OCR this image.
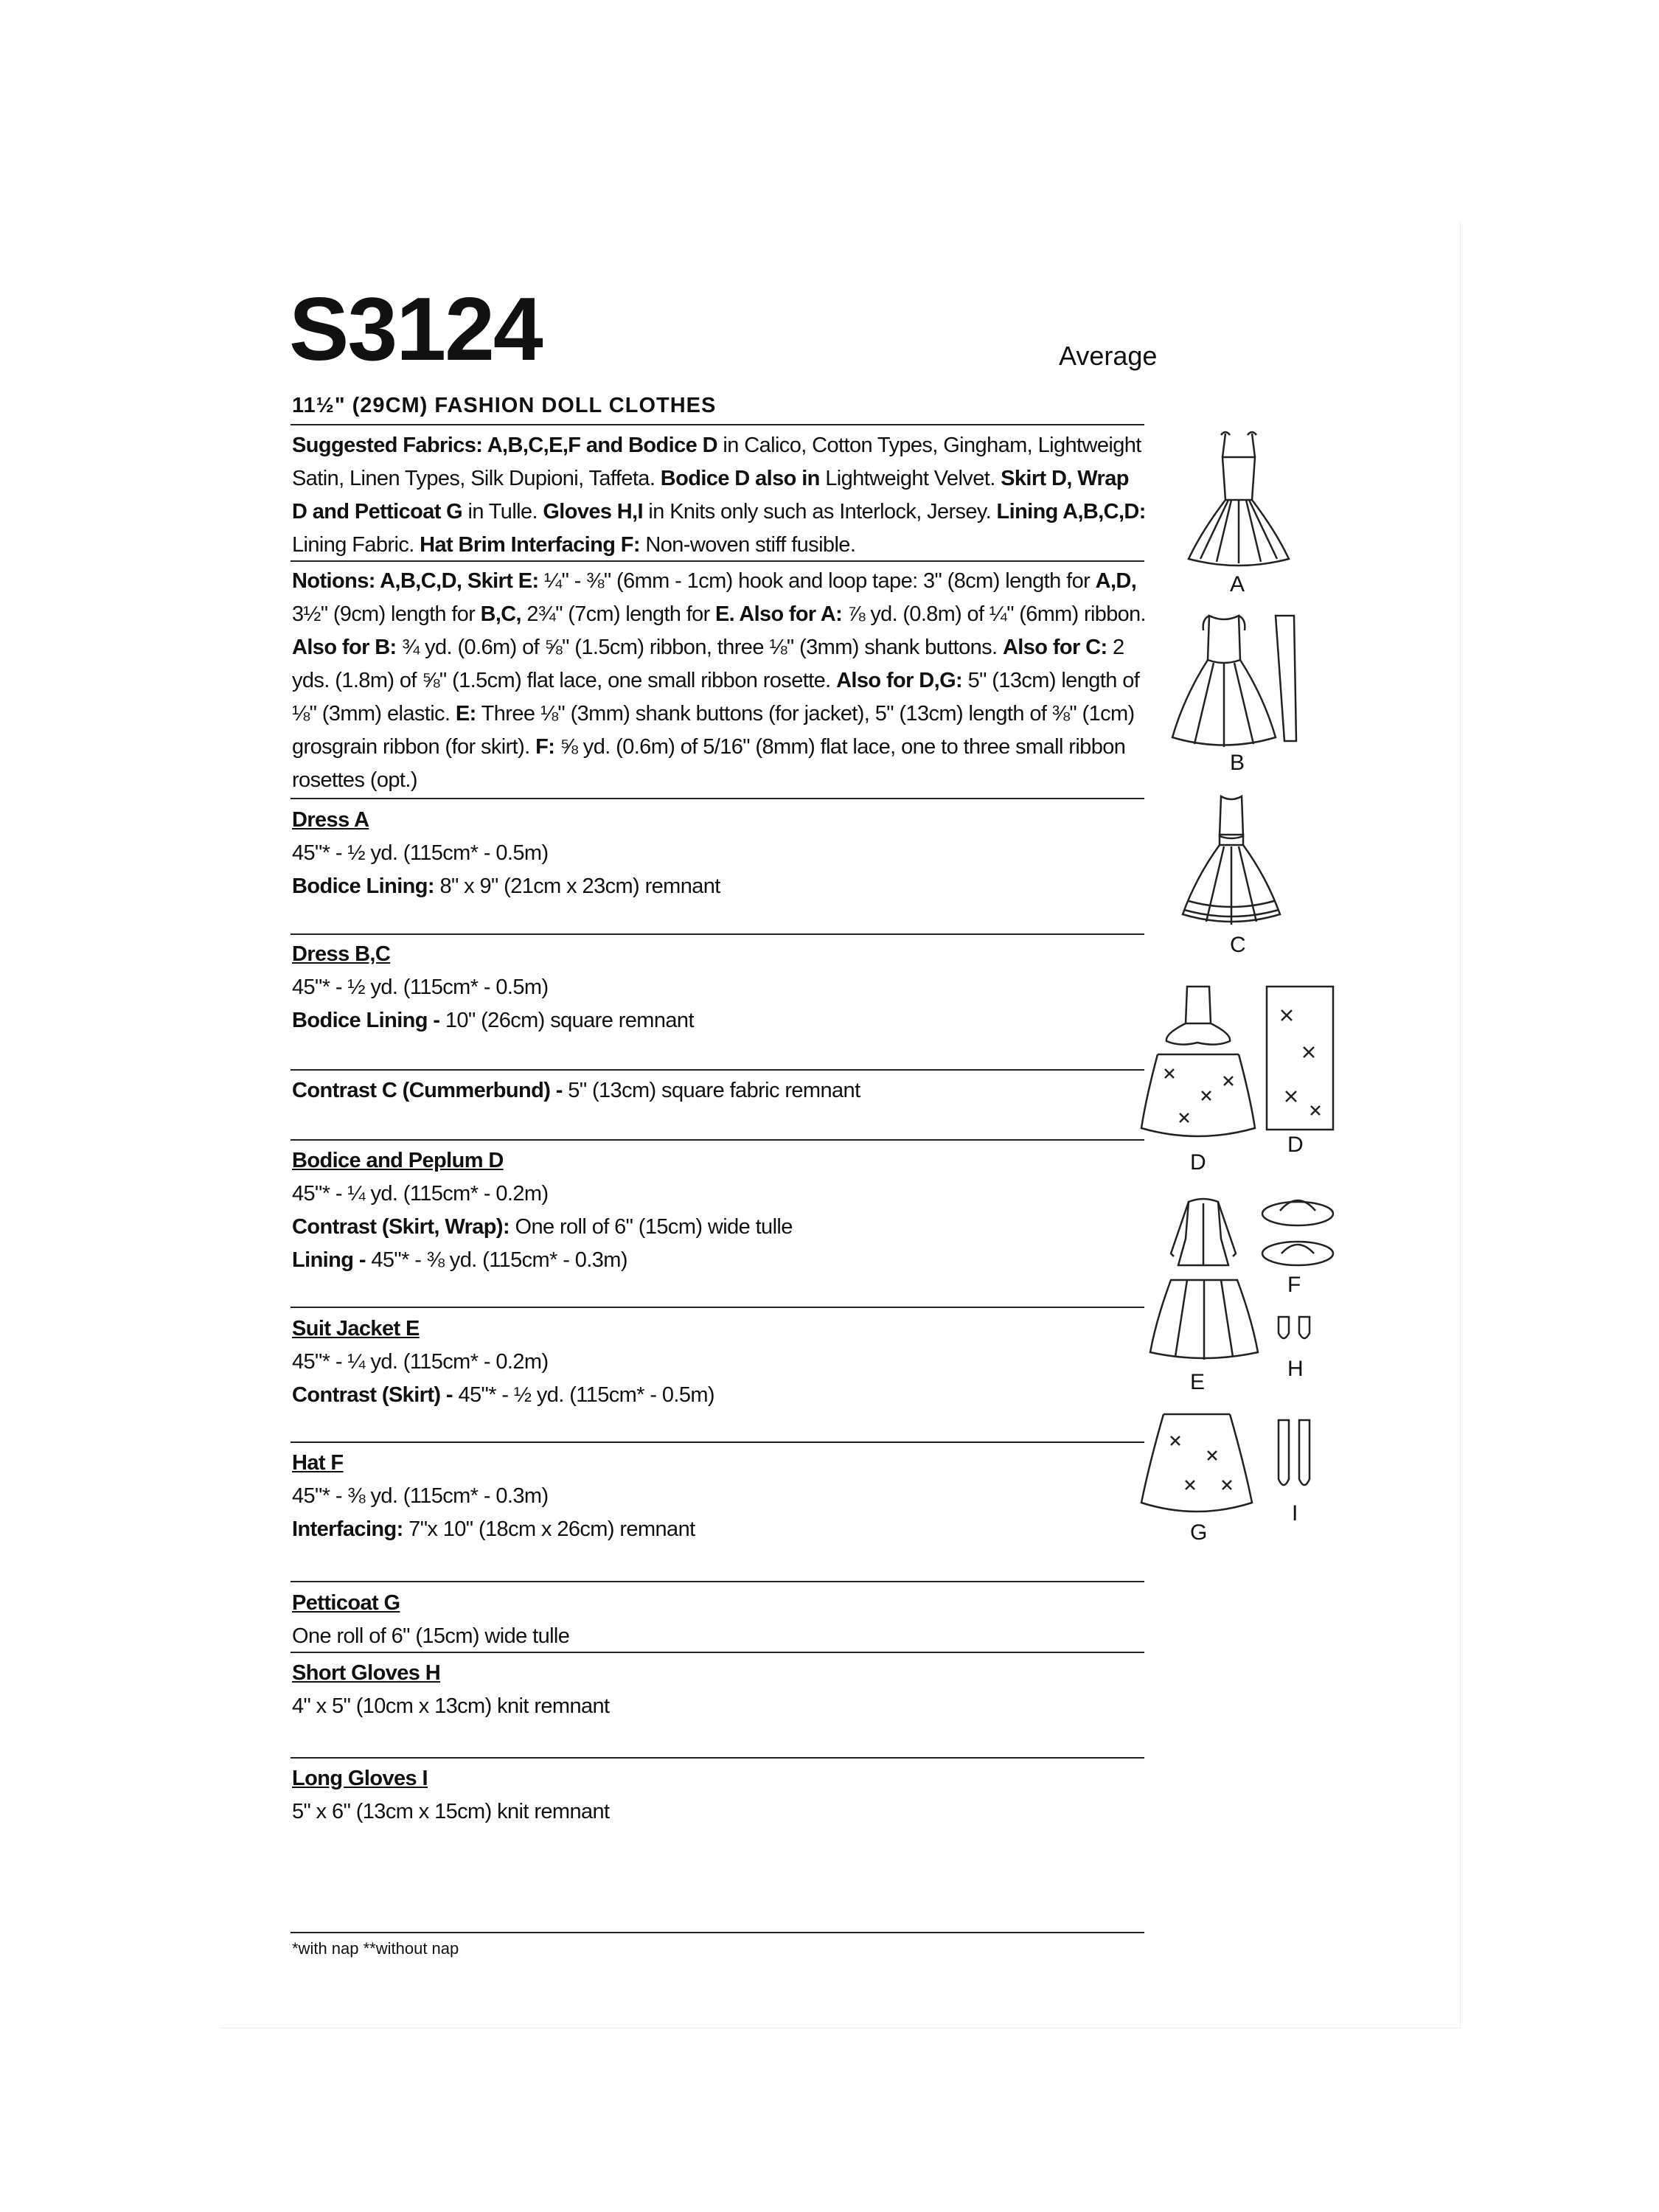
S3124	Average
11½" (29CM) FASHION DOLL CLOTHES
Suggested Fabrics: A,B,C,E,F and Bodice D in Calico, Cotton Types, Gingham, Lightweight
Satin, Linen Types, Silk Dupioni, Taffeta. Bodice D also in Lightweight Velvet. Skirt D, Wrap
D and Petticoat G in Tulle. Gloves H,I in Knits only such as Interlock, Jersey. Lining A,B,C,D:
Lining Fabric. Hat Brim Interfacing F: Non-woven stiff fusible.
Notions: A,B,C,D, Skirt E: ¼" - ⅜" (6mm - 1cm) hook and loop tape: 3" (8cm) length for A,D,
3½" (9cm) length for B,C, 2¾" (7cm) length for E. Also for A: ⅞ yd. (0.8m) of ¼" (6mm) ribbon.
Also for B: ¾ yd. (0.6m) of ⅝" (1.5cm) ribbon, three ⅛" (3mm) shank buttons. Also for C: 2
yds. (1.8m) of ⅝" (1.5cm) flat lace, one small ribbon rosette. Also for D,G: 5" (13cm) length of
⅛" (3mm) elastic. E: Three ⅛" (3mm) shank buttons (for jacket), 5" (13cm) length of ⅜" (1cm)
grosgrain ribbon (for skirt). F: ⅝ yd. (0.6m) of 5/16" (8mm) flat lace, one to three small ribbon
rosettes (opt.)
Dress A
45"* - ½ yd. (115cm* - 0.5m)
Bodice Lining: 8" x 9" (21cm x 23cm) remnant
Dress B,C
45"* - ½ yd. (115cm* - 0.5m)
Bodice Lining - 10" (26cm) square remnant
Contrast C (Cummerbund) - 5" (13cm) square fabric remnant
Bodice and Peplum D
45"* - ¼ yd. (115cm* - 0.2m)
Contrast (Skirt, Wrap): One roll of 6" (15cm) wide tulle
Lining - 45"* - ⅜ yd. (115cm* - 0.3m)
Suit Jacket E
45"* - ¼ yd. (115cm* - 0.2m)
Contrast (Skirt) - 45"* - ½ yd. (115cm* - 0.5m)
Hat F
45"* - ⅜ yd. (115cm* - 0.3m)
Interfacing: 7"x 10" (18cm x 26cm) remnant
Petticoat G
One roll of 6" (15cm) wide tulle
Short Gloves H
4" x 5" (10cm x 13cm) knit remnant
Long Gloves I
5" x 6" (13cm x 15cm) knit remnant
*with nap **without nap
A
B
C
D
D
E
F
H
G
I
